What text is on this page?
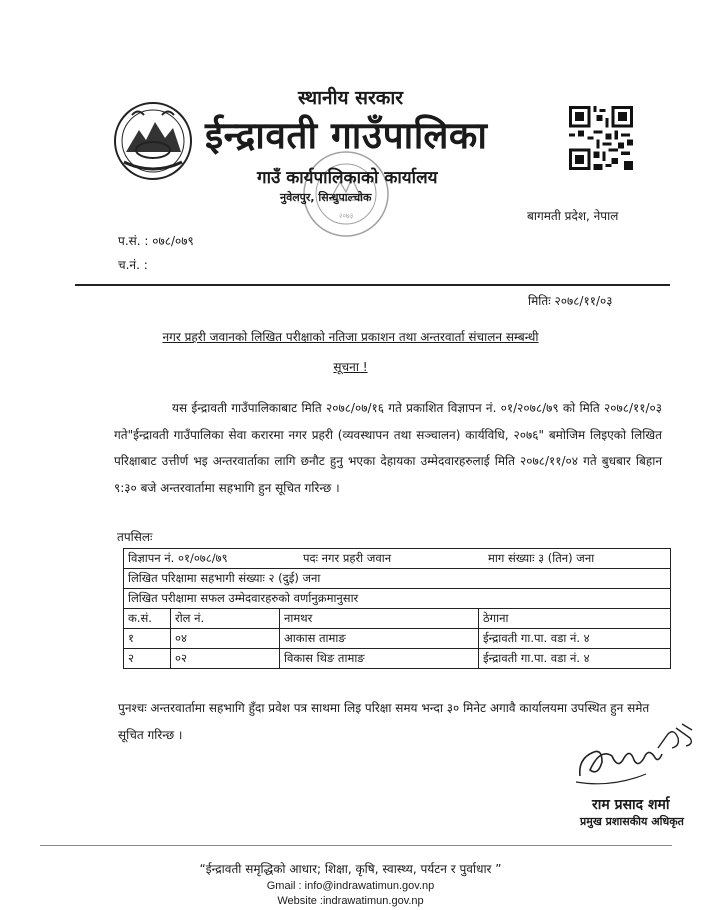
२०७३
स्थानीय सरकार
ईन्द्रावती गाउँपालिका
गाउँ कार्यपालिकाको कार्यालय
नुवेलपुर, सिन्धुपाल्चोक
बागमती प्रदेश, नेपाल
प.सं. : ०७८/०७९
च.नं. :
मितिः २०७८/११/०३
नगर प्रहरी जवानको लिखित परीक्षाको नतिजा प्रकाशन तथा अन्तरवार्ता संचालन सम्बन्धी
सूचना !

यस ईन्द्रावती गाउँपालिकाबाट मिति २०७८/०७/१६ गते प्रकाशित विज्ञापन नं. ०१/२०७८/७९ को मिति २०७८/११/०३ गते"ईन्द्रावती गाउँपालिका सेवा करारमा नगर प्रहरी (व्यवस्थापन तथा सञ्चालन) कार्यविधि, २०७६" बमोजिम लिइएको लिखित परिक्षाबाट उत्तीर्ण भइ अन्तरवार्ताका लागि छनौट हुनु भएका देहायका उम्मेदवारहरुलाई मिति २०७८/११/०४ गते बुधबार बिहान ९:३० बजे अन्तरवार्तामा सहभागि हुन सूचित गरिन्छ ।

तपसिलः
विज्ञापन नं. ०१/०७८/७९ पदः नगर प्रहरी जवान माग संख्याः ३ (तिन) जना			
लिखित परिक्षामा सहभागी संख्याः २ (दुई) जना			
लिखित परीक्षामा सफल उम्मेदवारहरुको वर्णानुक्रमानुसार			
क.सं.	रोल नं.	नामथर	ठेगाना
१	०४	आकास तामाङ	ईन्द्रावती गा.पा. वडा नं. ४
२	०२	विकास थिङ तामाङ	ईन्द्रावती गा.पा. वडा नं. ४

पुनश्चः अन्तरवार्तामा सहभागि हुँदा प्रवेश पत्र साथमा लिइ परिक्षा समय भन्दा ३० मिनेट अगावै कार्यालयमा उपस्थित हुन समेत सूचित गरिन्छ ।

राम प्रसाद शर्मा
प्रमुख प्रशासकीय अधिकृत
“ईन्द्रावती समृद्धिको आधार; शिक्षा, कृषि, स्वास्थ्य, पर्यटन र पुर्वाधार ”
Gmail : info@indrawatimun.gov.np
Website :indrawatimun.gov.np
